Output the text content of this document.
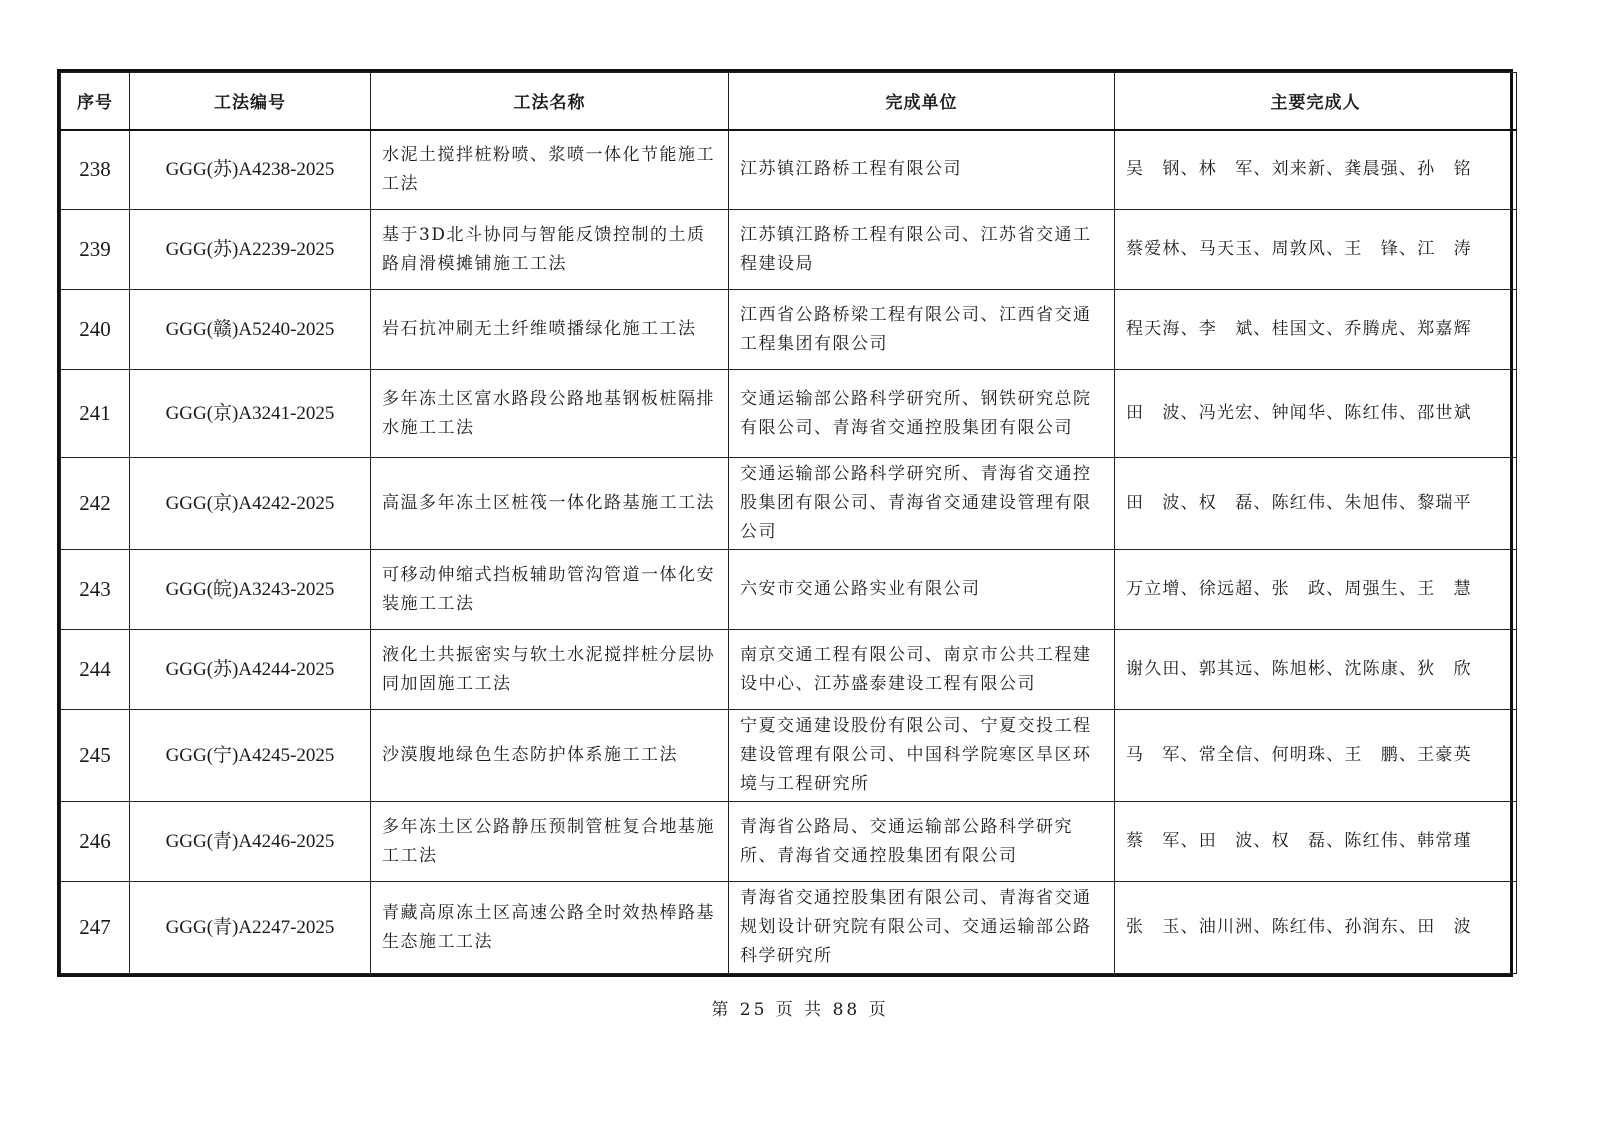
序号	工法编号	工法名称	完成单位	主要完成人
238	GGG(苏)A4238-2025	水泥土搅拌桩粉喷、浆喷一体化节能施工工法	江苏镇江路桥工程有限公司	吴　钢、林　军、刘来新、龚晨强、孙　铭
239	GGG(苏)A2239-2025	基于3D北斗协同与智能反馈控制的土质路肩滑模摊铺施工工法	江苏镇江路桥工程有限公司、江苏省交通工程建设局	蔡爱林、马天玉、周敦风、王　锋、江　涛
240	GGG(赣)A5240-2025	岩石抗冲刷无土纤维喷播绿化施工工法	江西省公路桥梁工程有限公司、江西省交通工程集团有限公司	程天海、李　斌、桂国文、乔腾虎、郑嘉辉
241	GGG(京)A3241-2025	多年冻土区富水路段公路地基钢板桩隔排水施工工法	交通运输部公路科学研究所、钢铁研究总院有限公司、青海省交通控股集团有限公司	田　波、冯光宏、钟闻华、陈红伟、邵世斌
242	GGG(京)A4242-2025	高温多年冻土区桩筏一体化路基施工工法	交通运输部公路科学研究所、青海省交通控股集团有限公司、青海省交通建设管理有限公司	田　波、权　磊、陈红伟、朱旭伟、黎瑞平
243	GGG(皖)A3243-2025	可移动伸缩式挡板辅助管沟管道一体化安装施工工法	六安市交通公路实业有限公司	万立增、徐远超、张　政、周强生、王　慧
244	GGG(苏)A4244-2025	液化土共振密实与软土水泥搅拌桩分层协同加固施工工法	南京交通工程有限公司、南京市公共工程建设中心、江苏盛泰建设工程有限公司	谢久田、郭其远、陈旭彬、沈陈康、狄　欣
245	GGG(宁)A4245-2025	沙漠腹地绿色生态防护体系施工工法	宁夏交通建设股份有限公司、宁夏交投工程建设管理有限公司、中国科学院寒区旱区环境与工程研究所	马　军、常全信、何明珠、王　鹏、王豪英
246	GGG(青)A4246-2025	多年冻土区公路静压预制管桩复合地基施工工法	青海省公路局、交通运输部公路科学研究所、青海省交通控股集团有限公司	蔡　军、田　波、权　磊、陈红伟、韩常瑾
247	GGG(青)A2247-2025	青藏高原冻土区高速公路全时效热棒路基生态施工工法	青海省交通控股集团有限公司、青海省交通规划设计研究院有限公司、交通运输部公路科学研究所	张　玉、油川洲、陈红伟、孙润东、田　波
第 25 页 共 88 页
